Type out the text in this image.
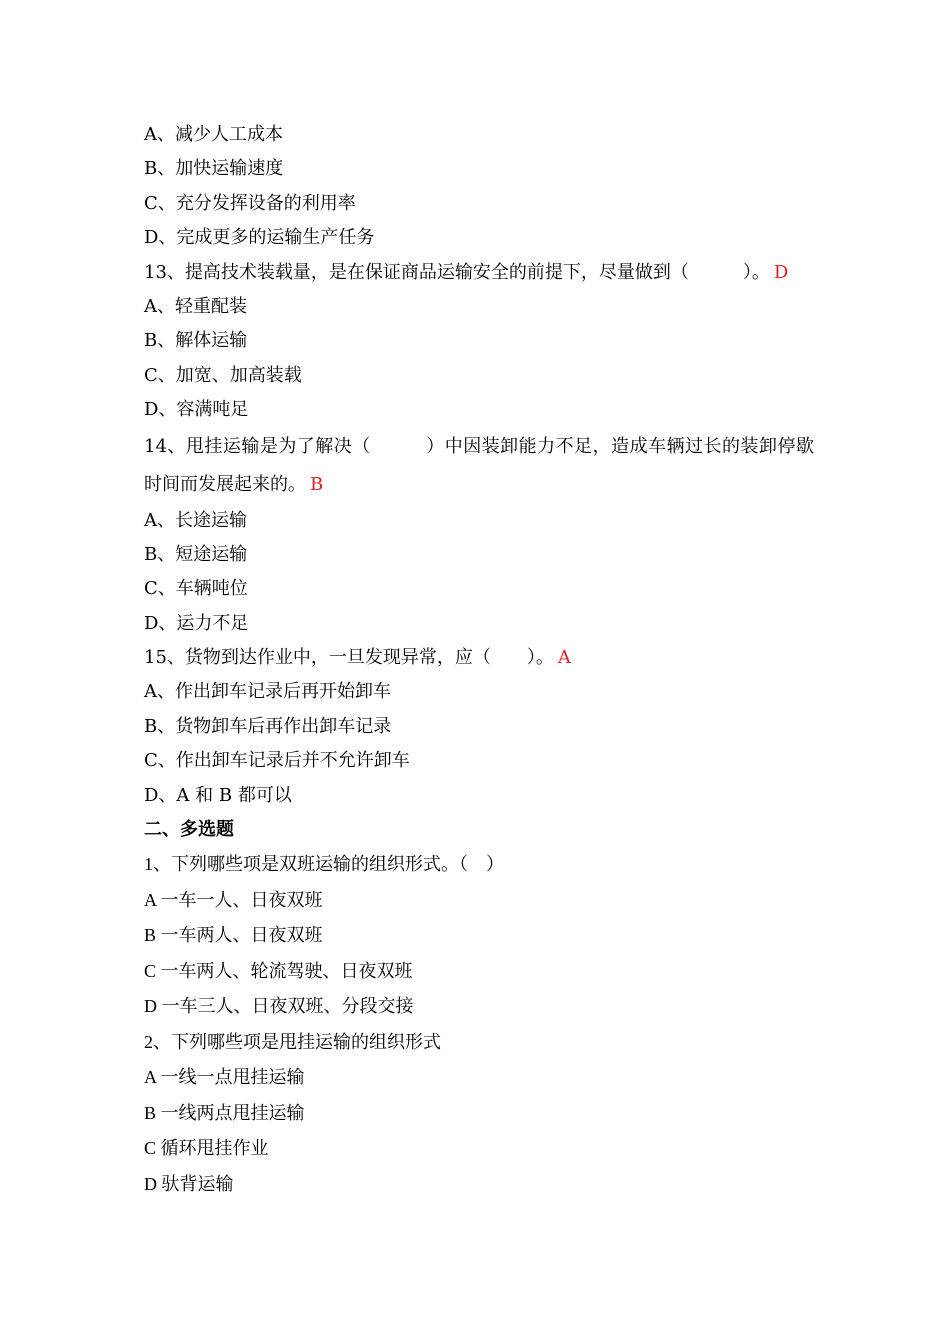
A、减少人工成本
B、加快运输速度
C、充分发挥设备的利用率
D、完成更多的运输生产任务
13、提高技术装载量，是在保证商品运输安全的前提下，尽量做到（　　　）。 D
A、轻重配装
B、解体运输
C、加宽、加高装载
D、容满吨足
14、甩挂运输是为了解决（　　　）中因装卸能力不足，造成车辆过长的装卸停歇时间而发展起来的。 B
A、长途运输
B、短途运输
C、车辆吨位
D、运力不足
15、货物到达作业中，一旦发现异常，应（　　）。 A
A、作出卸车记录后再开始卸车
B、货物卸车后再作出卸车记录
C、作出卸车记录后并不允许卸车
D、A 和 B 都可以
二、多选题
1、下列哪些项是双班运输的组织形式。（　）
A 一车一人、日夜双班
B 一车两人、日夜双班
C 一车两人、轮流驾驶、日夜双班
D 一车三人、日夜双班、分段交接
2、下列哪些项是甩挂运输的组织形式
A 一线一点甩挂运输
B 一线两点甩挂运输
C 循环甩挂作业
D 驮背运输
